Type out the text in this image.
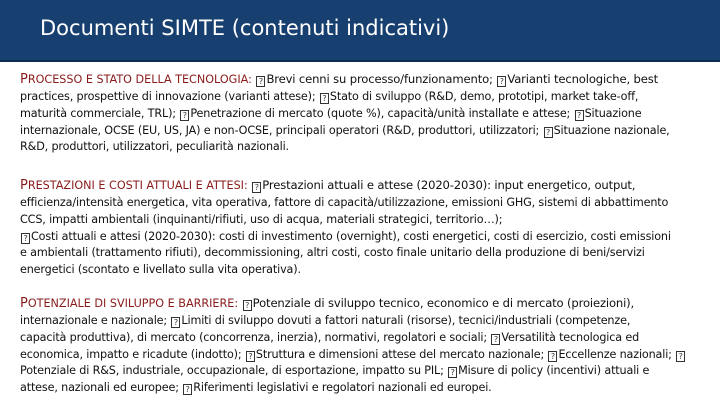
Documenti SIMTE (contenuti indicativi)
PROCESSO E STATO DELLA TECNOLOGIA: ? Brevi cenni su processo/funzionamento; ? Varianti tecnologiche, best
practices, prospettive di innovazione (varianti attese); ? Stato di sviluppo (R&D, demo, prototipi, market take-off,
maturità commerciale, TRL); ? Penetrazione di mercato (quote %), capacità/unità installate e attese; ? Situazione
internazionale, OCSE (EU, US, JA) e non-OCSE, principali operatori (R&D, produttori, utilizzatori; ? Situazione nazionale,
R&D, produttori, utilizzatori, peculiarità nazionali.
PRESTAZIONI E COSTI ATTUALI E ATTESI: ? Prestazioni attuali e attese (2020-2030): input energetico, output,
efficienza/intensità energetica, vita operativa, fattore di capacità/utilizzazione, emissioni GHG, sistemi di abbattimento
CCS, impatti ambientali (inquinanti/rifiuti, uso di acqua, materiali strategici, territorio…);
? Costi attuali e attesi (2020-2030): costi di investimento (overnight), costi energetici, costi di esercizio, costi emissioni
e ambientali (trattamento rifiuti), decommissioning, altri costi, costo finale unitario della produzione di beni/servizi
energetici (scontato e livellato sulla vita operativa).
POTENZIALE DI SVILUPPO E BARRIERE: ? Potenziale di sviluppo tecnico, economico e di mercato (proiezioni),
internazionale e nazionale; ? Limiti di sviluppo dovuti a fattori naturali (risorse), tecnici/industriali (competenze,
capacità produttiva), di mercato (concorrenza, inerzia), normativi, regolatori e sociali; ? Versatilità tecnologica ed
economica, impatto e ricadute (indotto); ? Struttura e dimensioni attese del mercato nazionale; ? Eccellenze nazionali; ?
Potenziale di R&S, industriale, occupazionale, di esportazione, impatto su PIL; ? Misure di policy (incentivi) attuali e
attese, nazionali ed europee; ? Riferimenti legislativi e regolatori nazionali ed europei.
